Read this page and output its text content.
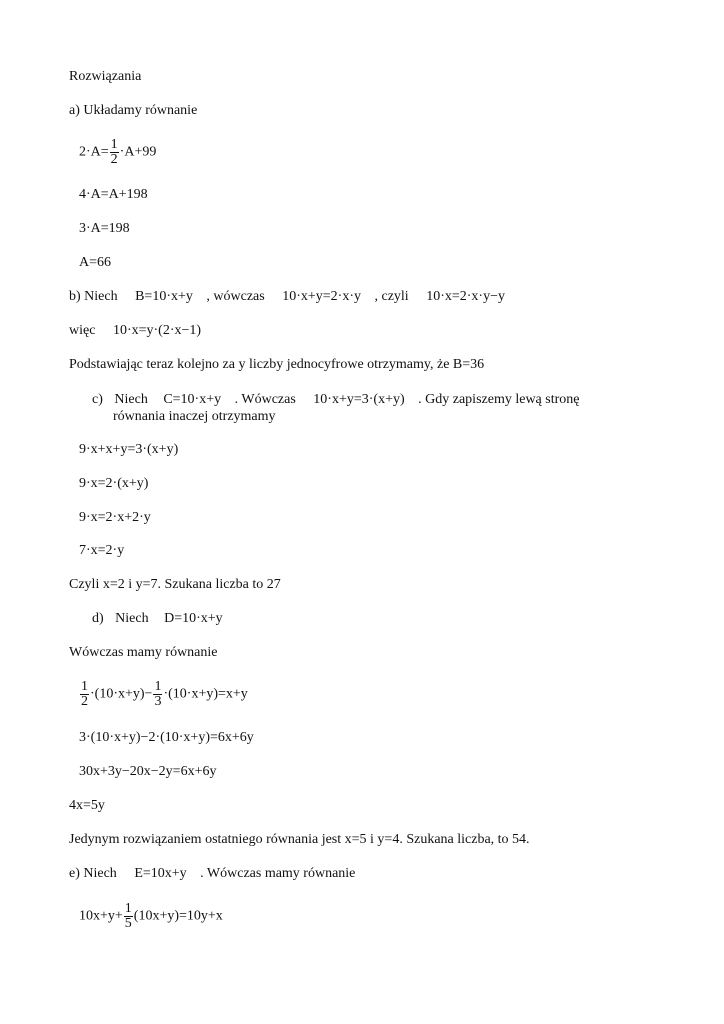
Rozwiązania
a) Układamy równanie
$2\cdot A= \frac{1}{2} \cdot A+99$
4·A=A+198
3·A=198
A=66
b) Niech B=10·x+y , wówczas 10·x+y=2·x·y , czyli 10·x=2·x·y−y
więc 10·x=y·(2·x−1)
Podstawiając teraz kolejno za y liczby jednocyfrowe otrzymamy, że B=36
c) Niech C=10·x+y . Wówczas 10·x+y=3·(x+y) . Gdy zapiszemy lewą stronę
równania inaczej otrzymamy
9·x+x+y=3·(x+y)
9·x=2·(x+y)
9·x=2·x+2·y
7·x=2·y
Czyli x=2 i y=7. Szukana liczba to 27
d) Niech D=10·x+y
Wówczas mamy równanie
$\frac{1}{2} \cdot(10\cdot x+y)- \frac{1}{3} \cdot(10\cdot x+y)=x+y$
3·(10·x+y)−2·(10·x+y)=6x+6y
30x+3y−20x−2y=6x+6y
4x=5y
Jedynym rozwiązaniem ostatniego równania jest x=5 i y=4. Szukana liczba, to 54.
e) Niech E=10x+y . Wówczas mamy równanie
$10x+y+ \frac{1}{5} (10x+y)=10y+x$
